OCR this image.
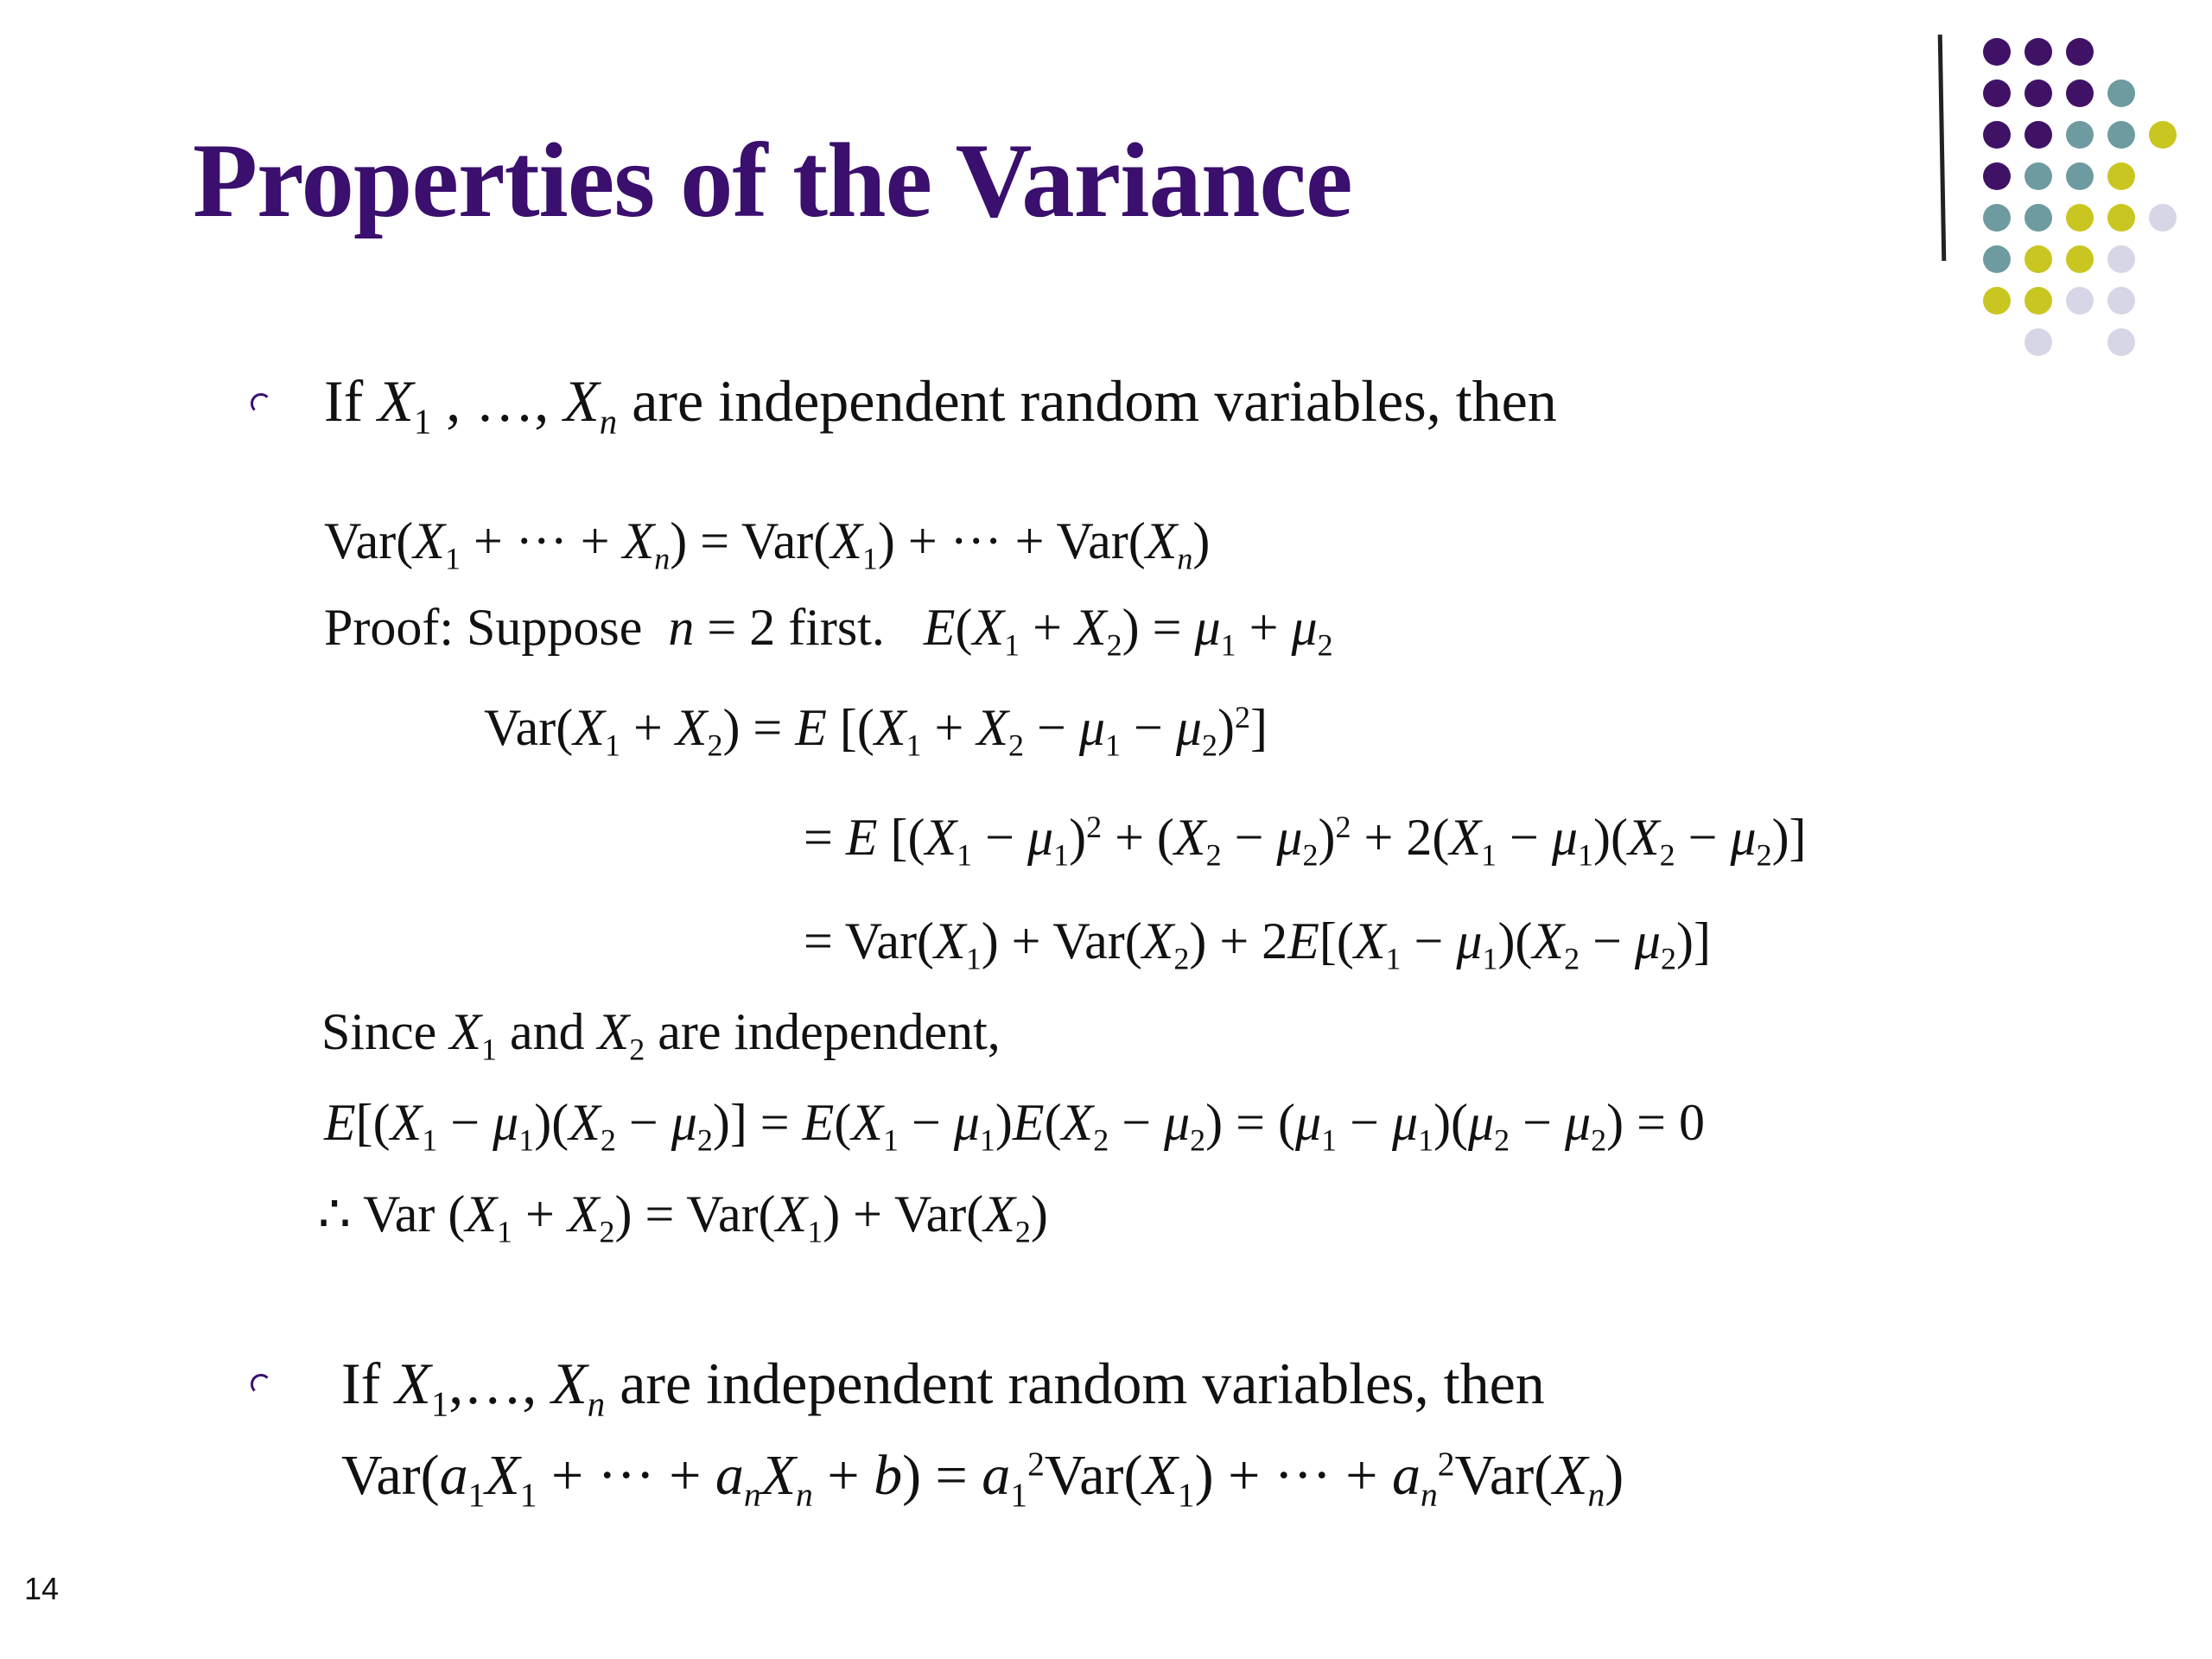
Properties of the Variance
If $X_1$ , …, $X_n$ are independent random variables, then
$Var(X_1$ + ··· + $X_n) = Var(X_1)$ + ··· + $Var(X_n)$
Proof: Suppose  n = 2 first.   $E(X_1 + X_2) = \mu_1 + \mu_2$
$Var(X_1 + X_2) = E$ $[(X_1 + X_2 - \mu_1 - \mu_2)^2]$
= E $[(X_1 - \mu_1)^2 + (X_2 - \mu_2)^2 + 2(X_1 - \mu_1)(X_2 - \mu_2)]$
= $Var(X_1) + Var(X_2) + 2E[(X_1 - \mu_1)(X_2 - \mu_2)]$
Since $X_1$ and $X_2$ are independent,
$E[(X_1 - \mu_1)(X_2 - \mu_2)] = E(X_1 - \mu_1)E(X_2 - \mu_2) = (\mu_1 - \mu_1)(\mu_2 - \mu_2) = 0$
∴ Var $(X_1 + X_2) = Var(X_1) + Var(X_2)$
If $X_1,\dots$, $X_n$ are independent random variables, then
$Var(a_1X_1$ + ··· + $a_nX_n + b) = a_1^2Var(X_1)$ + ··· + $a_n^2Var(X_n)$
14
